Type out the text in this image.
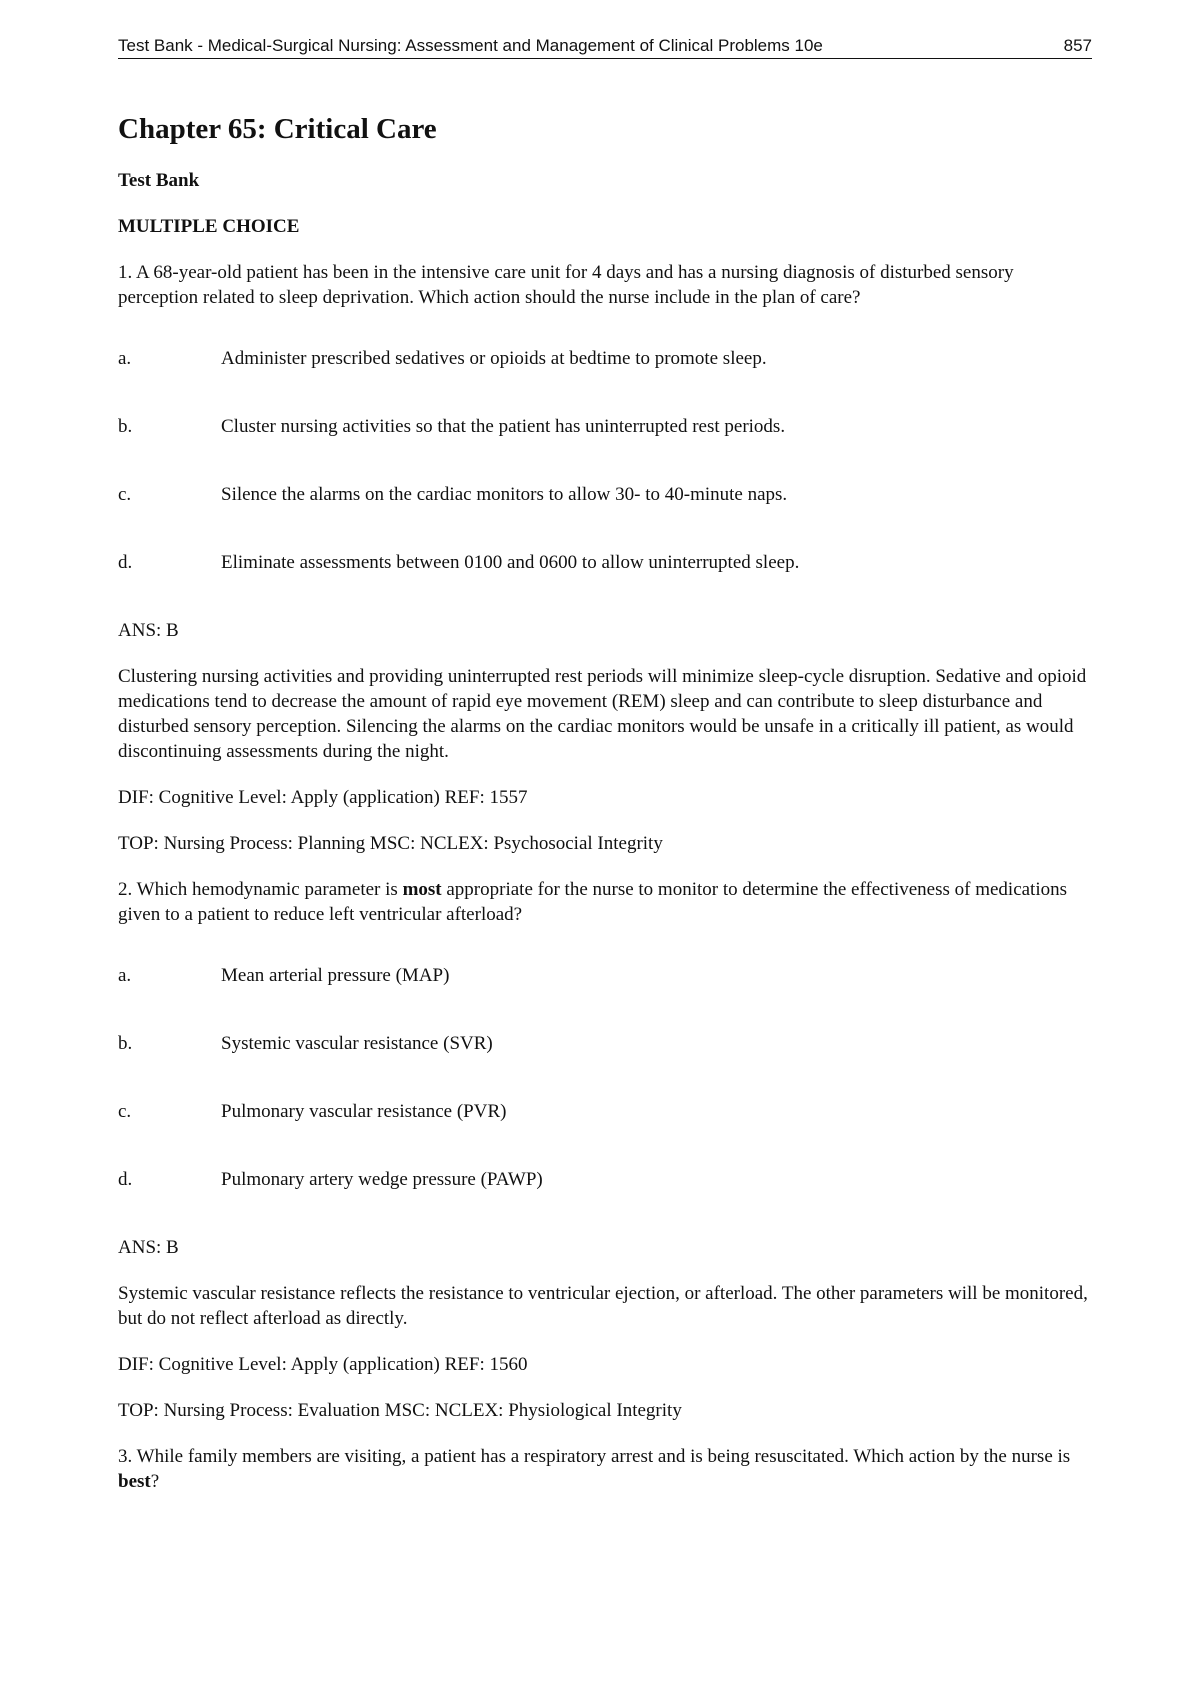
Test Bank - Medical-Surgical Nursing: Assessment and Management of Clinical Problems 10e	857
Chapter 65: Critical Care

Test Bank

MULTIPLE CHOICE

1. A 68-year-old patient has been in the intensive care unit for 4 days and has a nursing diagnosis of disturbed sensory perception related to sleep deprivation. Which action should the nurse include in the plan of care?

a.	Administer prescribed sedatives or opioids at bedtime to promote sleep.
b.	Cluster nursing activities so that the patient has uninterrupted rest periods.
c.	Silence the alarms on the cardiac monitors to allow 30- to 40-minute naps.
d.	Eliminate assessments between 0100 and 0600 to allow uninterrupted sleep.

ANS: B

Clustering nursing activities and providing uninterrupted rest periods will minimize sleep-cycle disruption. Sedative and opioid medications tend to decrease the amount of rapid eye movement (REM) sleep and can contribute to sleep disturbance and disturbed sensory perception. Silencing the alarms on the cardiac monitors would be unsafe in a critically ill patient, as would discontinuing assessments during the night.

DIF: Cognitive Level: Apply (application) REF: 1557

TOP: Nursing Process: Planning MSC: NCLEX: Psychosocial Integrity

2. Which hemodynamic parameter is most appropriate for the nurse to monitor to determine the effectiveness of medications given to a patient to reduce left ventricular afterload?

a.	Mean arterial pressure (MAP)
b.	Systemic vascular resistance (SVR)
c.	Pulmonary vascular resistance (PVR)
d.	Pulmonary artery wedge pressure (PAWP)

ANS: B

Systemic vascular resistance reflects the resistance to ventricular ejection, or afterload. The other parameters will be monitored, but do not reflect afterload as directly.

DIF: Cognitive Level: Apply (application) REF: 1560

TOP: Nursing Process: Evaluation MSC: NCLEX: Physiological Integrity

3. While family members are visiting, a patient has a respiratory arrest and is being resuscitated. Which action by the nurse is best?
